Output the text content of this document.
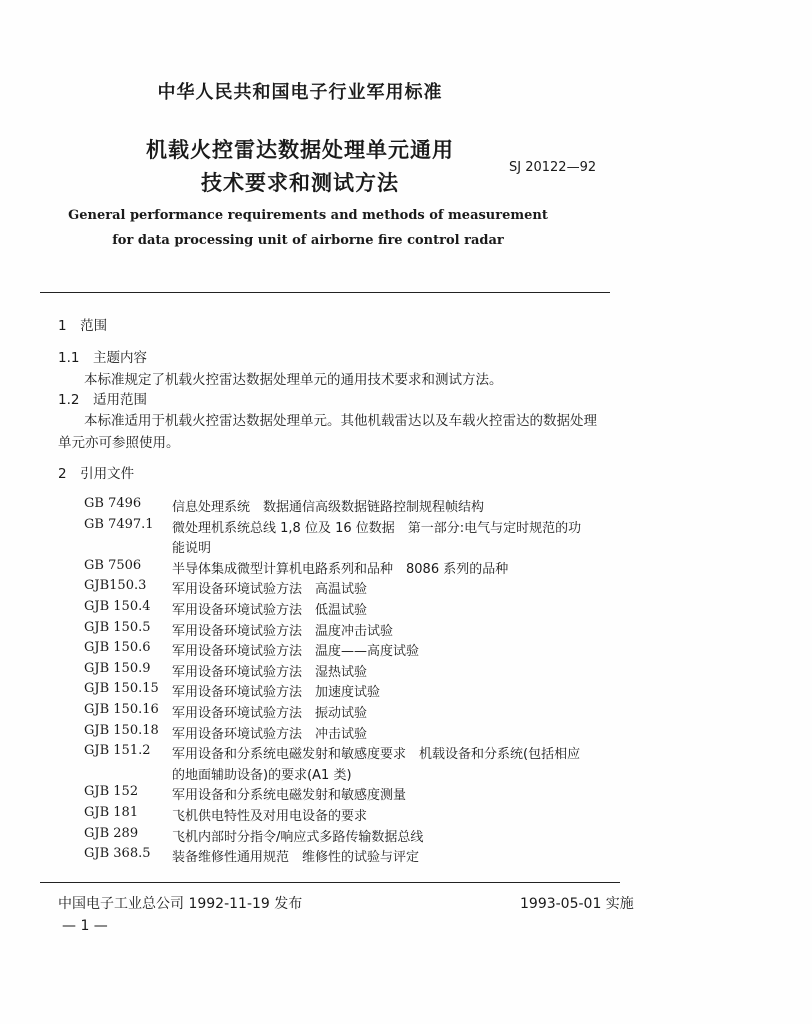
中华人民共和国电子行业军用标准
机载火控雷达数据处理单元通用
技术要求和测试方法
SJ 20122—92
General performance requirements and methods of measurement
for data processing unit of airborne fire control radar
1　范围
1.1　主题内容
本标准规定了机载火控雷达数据处理单元的通用技术要求和测试方法。
1.2　适用范围
本标准适用于机载火控雷达数据处理单元。其他机载雷达以及车载火控雷达的数据处理
单元亦可参照使用。
2　引用文件
GB 7496 信息处理系统　数据通信高级数据链路控制规程帧结构
GB 7497.1 微处理机系统总线 1,8 位及 16 位数据　第一部分:电气与定时规范的功
能说明
GB 7506 半导体集成微型计算机电路系列和品种　8086 系列的品种
GJB150.3 军用设备环境试验方法　高温试验
GJB 150.4 军用设备环境试验方法　低温试验
GJB 150.5 军用设备环境试验方法　温度冲击试验
GJB 150.6 军用设备环境试验方法　温度——高度试验
GJB 150.9 军用设备环境试验方法　湿热试验
GJB 150.15 军用设备环境试验方法　加速度试验
GJB 150.16 军用设备环境试验方法　振动试验
GJB 150.18 军用设备环境试验方法　冲击试验
GJB 151.2 军用设备和分系统电磁发射和敏感度要求　机载设备和分系统(包括相应
的地面辅助设备)的要求(A1 类)
GJB 152	军用设备和分系统电磁发射和敏感度测量
GJB 181	飞机供电特性及对用电设备的要求
GJB 289	飞机内部时分指令/响应式多路传输数据总线
GJB 368.5 装备维修性通用规范　维修性的试验与评定
中国电子工业总公司 1992-11-19 发布	1993-05-01 实施
— 1 —
